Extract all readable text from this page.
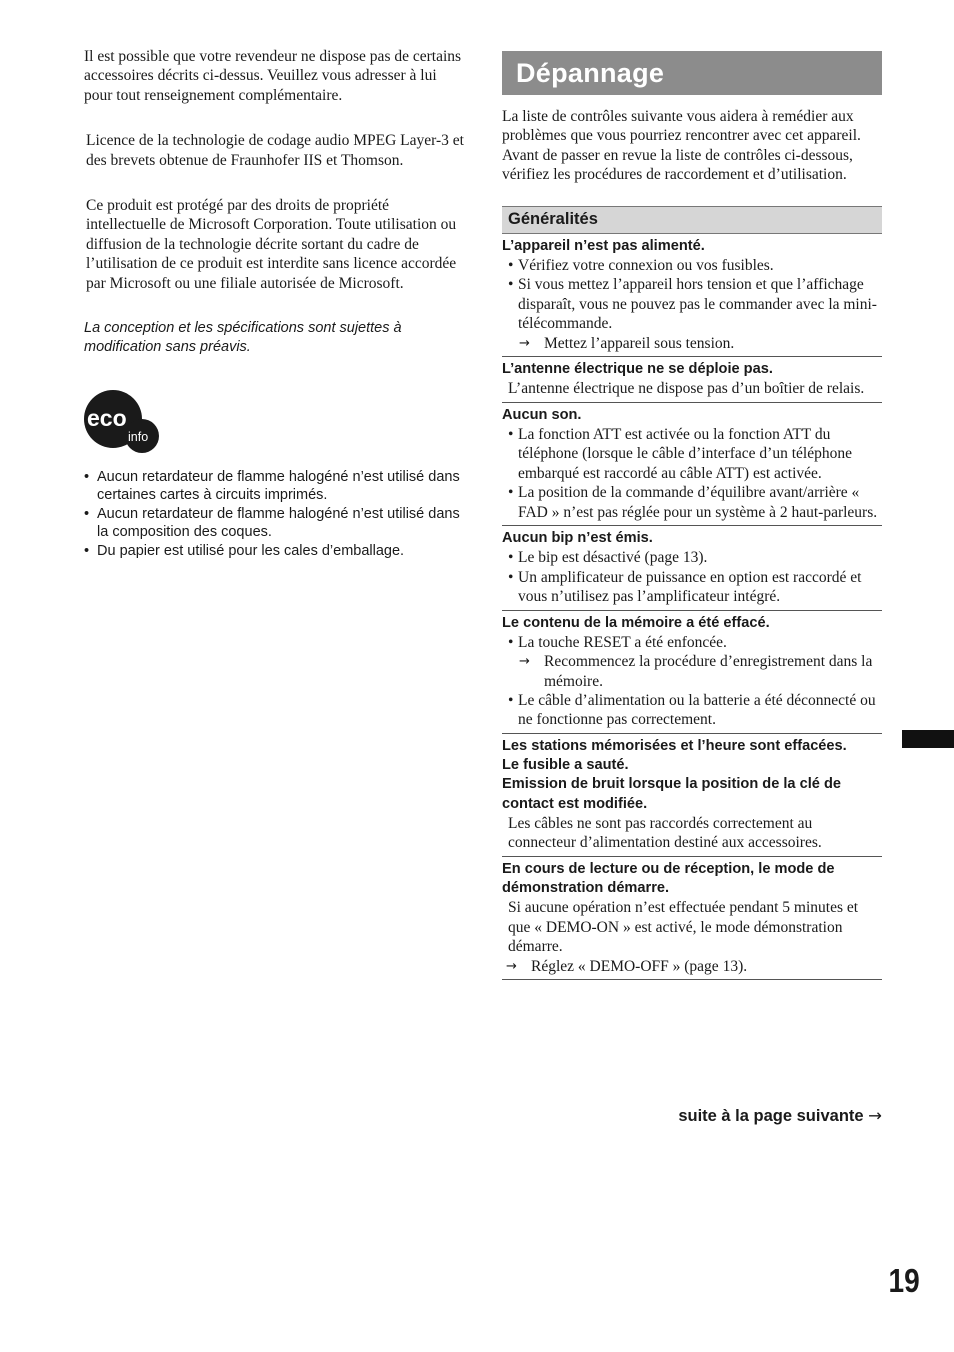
Il est possible que votre revendeur ne dispose pas de certains accessoires décrits ci-dessus. Veuillez vous adresser à lui pour tout renseignement complémentaire.

Licence de la technologie de codage audio MPEG Layer-3 et des brevets obtenue de Fraunhofer IIS et Thomson.

Ce produit est protégé par des droits de propriété intellectuelle de Microsoft Corporation. Toute utilisation ou diffusion de la technologie décrite sortant du cadre de l’utilisation de ce produit est interdite sans licence accordée par Microsoft ou une filiale autorisée de Microsoft.

La conception et les spécifications sont sujettes à modification sans préavis.

eco
info
• Aucun retardateur de flamme halogéné n’est utilisé dans certaines cartes à circuits imprimés.
• Aucun retardateur de flamme halogéné n’est utilisé dans la composition des coques.
• Du papier est utilisé pour les cales d’emballage.
Dépannage
La liste de contrôles suivante vous aidera à remédier aux problèmes que vous pourriez rencontrer avec cet appareil.
Avant de passer en revue la liste de contrôles ci-dessous, vérifiez les procédures de raccordement et d’utilisation.
Généralités
L’appareil n’est pas alimenté.
• Vérifiez votre connexion ou vos fusibles.
• Si vous mettez l’appareil hors tension et que l’affichage disparaît, vous ne pouvez pas le commander avec la mini-télécommande.
→ Mettez l’appareil sous tension.
L’antenne électrique ne se déploie pas.
L’antenne électrique ne dispose pas d’un boîtier de relais.
Aucun son.
• La fonction ATT est activée ou la fonction ATT du téléphone (lorsque le câble d’interface d’un téléphone embarqué est raccordé au câble ATT) est activée.
• La position de la commande d’équilibre avant/arrière « FAD » n’est pas réglée pour un système à 2 haut-parleurs.
Aucun bip n’est émis.
• Le bip est désactivé (page 13).
• Un amplificateur de puissance en option est raccordé et vous n’utilisez pas l’amplificateur intégré.
Le contenu de la mémoire a été effacé.
• La touche RESET a été enfoncée.
→ Recommencez la procédure d’enregistrement dans la mémoire.
• Le câble d’alimentation ou la batterie a été déconnecté ou ne fonctionne pas correctement.
Les stations mémorisées et l’heure sont effacées.
Le fusible a sauté.
Emission de bruit lorsque la position de la clé de contact est modifiée.
Les câbles ne sont pas raccordés correctement au connecteur d’alimentation destiné aux accessoires.
En cours de lecture ou de réception, le mode de démonstration démarre.
Si aucune opération n’est effectuée pendant 5 minutes et que « DEMO-ON » est activé, le mode démonstration démarre.
→ Réglez « DEMO-OFF » (page 13).
suite à la page suivante →
19
